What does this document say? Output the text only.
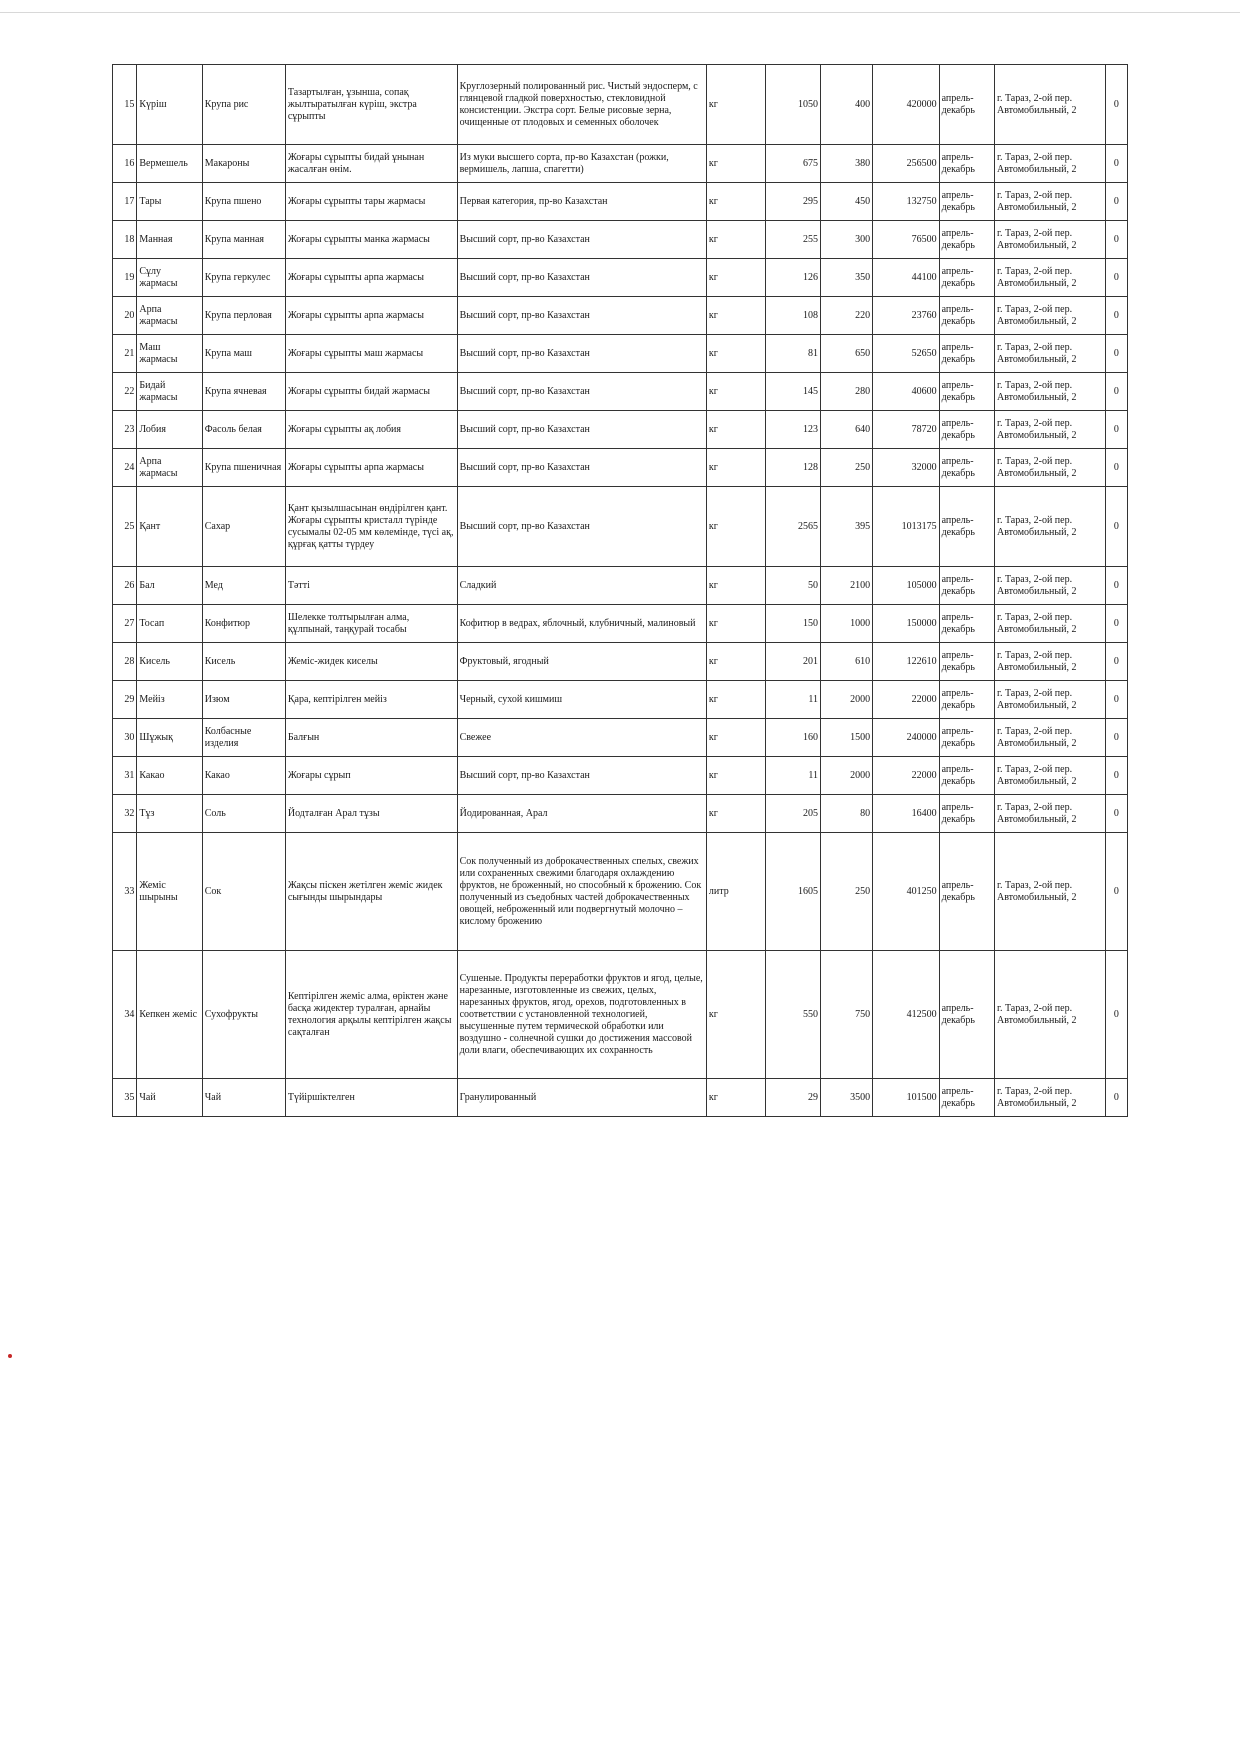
15	Күріш	Крупа рис	Тазартылған, ұзынша, сопақ жылтыратылған күріш, экстра сұрыпты	Круглозерный полированный рис. Чистый эндосперм, с глянцевой гладкой поверхностью, стекловидной консистенции. Экстра сорт. Белые рисовые зерна, очищенные от плодовых и семенных оболочек	кг	1050	400	420000	апрель-декабрь	г. Тараз, 2-ой пер. Автомобильный, 2	0
16	Вермешель	Макароны	Жоғары сұрыпты бидай ұнынан жасалған өнім.	Из муки высшего сорта, пр-во Казахстан (рожки, вермишель, лапша, спагетти)	кг	675	380	256500	апрель-декабрь	г. Тараз, 2-ой пер. Автомобильный, 2	0
17	Тары	Крупа пшено	Жоғары сұрыпты тары жармасы	Первая категория, пр-во Казахстан	кг	295	450	132750	апрель-декабрь	г. Тараз, 2-ой пер. Автомобильный, 2	0
18	Манная	Крупа манная	Жоғары сұрыпты манка жармасы	Высший сорт, пр-во Казахстан	кг	255	300	76500	апрель-декабрь	г. Тараз, 2-ой пер. Автомобильный, 2	0
19	Сұлу жармасы	Крупа геркулес	Жоғары сұрыпты арпа жармасы	Высший сорт, пр-во Казахстан	кг	126	350	44100	апрель-декабрь	г. Тараз, 2-ой пер. Автомобильный, 2	0
20	Арпа жармасы	Крупа перловая	Жоғары сұрыпты арпа жармасы	Высший сорт, пр-во Казахстан	кг	108	220	23760	апрель-декабрь	г. Тараз, 2-ой пер. Автомобильный, 2	0
21	Маш жармасы	Крупа маш	Жоғары сұрыпты маш жармасы	Высший сорт, пр-во Казахстан	кг	81	650	52650	апрель-декабрь	г. Тараз, 2-ой пер. Автомобильный, 2	0
22	Бидай жармасы	Крупа ячневая	Жоғары сұрыпты бидай жармасы	Высший сорт, пр-во Казахстан	кг	145	280	40600	апрель-декабрь	г. Тараз, 2-ой пер. Автомобильный, 2	0
23	Лобия	Фасоль белая	Жоғары сұрыпты ақ лобия	Высший сорт, пр-во Казахстан	кг	123	640	78720	апрель-декабрь	г. Тараз, 2-ой пер. Автомобильный, 2	0
24	Арпа жармасы	Крупа пшеничная	Жоғары сұрыпты арпа жармасы	Высший сорт, пр-во Казахстан	кг	128	250	32000	апрель-декабрь	г. Тараз, 2-ой пер. Автомобильный, 2	0
25	Қант	Сахар	Қант қызылшасынан өндірілген қант. Жоғары сұрыпты кристалл түрінде сусымалы 02-05 мм көлемінде, түсі ақ, құрғақ қатты түрдеу	Высший сорт, пр-во Казахстан	кг	2565	395	1013175	апрель-декабрь	г. Тараз, 2-ой пер. Автомобильный, 2	0
26	Бал	Мед	Тәтті	Сладкий	кг	50	2100	105000	апрель-декабрь	г. Тараз, 2-ой пер. Автомобильный, 2	0
27	Тосап	Конфитюр	Шелекке толтырылған алма, құлпынай, таңқурай тосабы	Кофитюр в ведрах, яблочный, клубничный, малиновый	кг	150	1000	150000	апрель-декабрь	г. Тараз, 2-ой пер. Автомобильный, 2	0
28	Кисель	Кисель	Жеміс-жидек киселы	Фруктовый, ягодный	кг	201	610	122610	апрель-декабрь	г. Тараз, 2-ой пер. Автомобильный, 2	0
29	Мейіз	Изюм	Қара, кептірілген мейіз	Черный, сухой кишмиш	кг	11	2000	22000	апрель-декабрь	г. Тараз, 2-ой пер. Автомобильный, 2	0
30	Шұжық	Колбасные изделия	Балғын	Свежее	кг	160	1500	240000	апрель-декабрь	г. Тараз, 2-ой пер. Автомобильный, 2	0
31	Какао	Какао	Жоғары сұрып	Высший сорт, пр-во Казахстан	кг	11	2000	22000	апрель-декабрь	г. Тараз, 2-ой пер. Автомобильный, 2	0
32	Тұз	Соль	Йодталған Арал тұзы	Йодированная, Арал	кг	205	80	16400	апрель-декабрь	г. Тараз, 2-ой пер. Автомобильный, 2	0
33	Жеміс шырыны	Сок	Жақсы піскен жетілген жеміс жидек сығынды шырындары	Сок полученный из доброкачественных спелых, свежих или сохраненных свежими благодаря охлаждению фруктов, не броженный, но способный к брожению. Сок полученный из съедобных частей доброкачественных овощей, неброженный или подвергнутый молочно –кислому брожению	литр	1605	250	401250	апрель-декабрь	г. Тараз, 2-ой пер. Автомобильный, 2	0
34	Кепкен жеміс	Сухофрукты	Кептірілген жеміс алма, өріктен және басқа жидектер туралған, арнайы технология арқылы кептірілген жақсы сақталған	Сушеные. Продукты переработки фруктов и ягод, целые, нарезанные, изготовленные из свежих, целых, нарезанных фруктов, ягод, орехов, подготовленных в соответствии с установленной технологией, высушенные путем термической обработки или воздушно - солнечной сушки до достижения массовой доли влаги, обеспечивающих их сохранность	кг	550	750	412500	апрель-декабрь	г. Тараз, 2-ой пер. Автомобильный, 2	0
35	Чай	Чай	Түйіршіктелген	Гранулированный	кг	29	3500	101500	апрель-декабрь	г. Тараз, 2-ой пер. Автомобильный, 2	0
